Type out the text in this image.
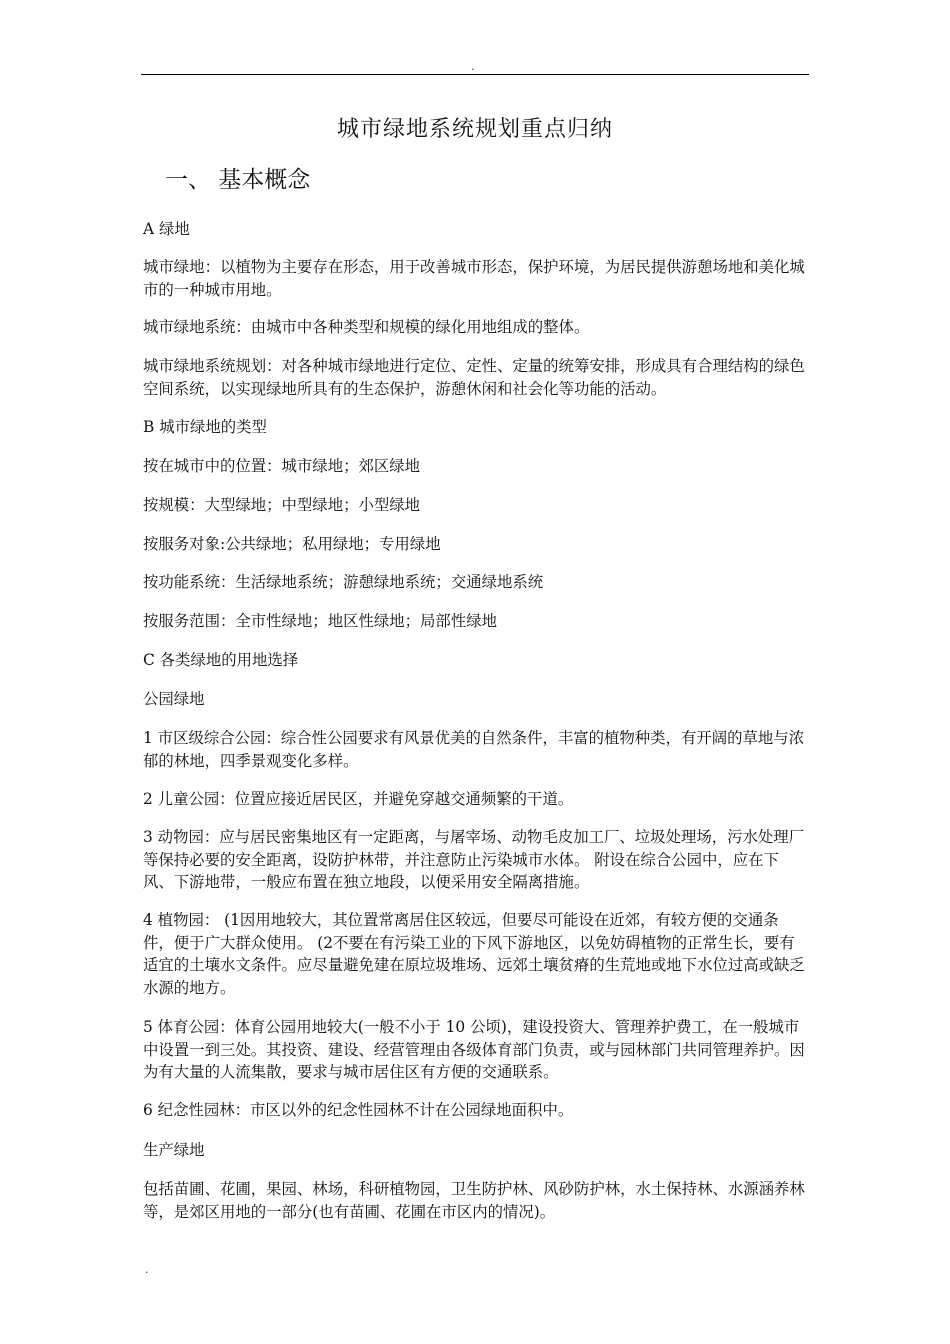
.
城市绿地系统规划重点归纳
一、 基本概念
A 绿地
城市绿地：以植物为主要存在形态，用于改善城市形态，保护环境，为居民提供游憩场地和美化城市的一种城市用地。
城市绿地系统：由城市中各种类型和规模的绿化用地组成的整体。
城市绿地系统规划：对各种城市绿地进行定位、定性、定量的统筹安排，形成具有合理结构的绿色空间系统，以实现绿地所具有的生态保护，游憩休闲和社会化等功能的活动。
B 城市绿地的类型
按在城市中的位置：城市绿地；郊区绿地
按规模：大型绿地；中型绿地；小型绿地
按服务对象:公共绿地；私用绿地；专用绿地
按功能系统：生活绿地系统；游憩绿地系统；交通绿地系统
按服务范围：全市性绿地；地区性绿地；局部性绿地
C 各类绿地的用地选择
公园绿地
1 市区级综合公园：综合性公园要求有风景优美的自然条件，丰富的植物种类，有开阔的草地与浓郁的林地，四季景观变化多样。
2 儿童公园：位置应接近居民区，并避免穿越交通频繁的干道。
3 动物园：应与居民密集地区有一定距离，与屠宰场、动物毛皮加工厂、垃圾处理场，污水处理厂等保持必要的安全距离，设防护林带，并注意防止污染城市水体。 附设在综合公园中，应在下风、下游地带，一般应布置在独立地段，以便采用安全隔离措施。
4 植物园： (1因用地较大，其位置常离居住区较远，但要尽可能设在近郊，有较方便的交通条件，便于广大群众使用。 (2不要在有污染工业的下风下游地区，以免妨碍植物的正常生长，要有适宜的土壤水文条件。应尽量避免建在原垃圾堆场、远郊土壤贫瘠的生荒地或地下水位过高或缺乏水源的地方。
5 体育公园：体育公园用地较大(一般不小于 10 公顷)，建设投资大、管理养护费工，在一般城市中设置一到三处。其投资、建设、经营管理由各级体育部门负责，或与园林部门共同管理养护。因为有大量的人流集散，要求与城市居住区有方便的交通联系。
6 纪念性园林：市区以外的纪念性园林不计在公园绿地面积中。
生产绿地
包括苗圃、花圃，果园、林场，科研植物园，卫生防护林、风砂防护林，水土保持林、水源涵养林等，是郊区用地的一部分(也有苗圃、花圃在市区内的情况)。
.
